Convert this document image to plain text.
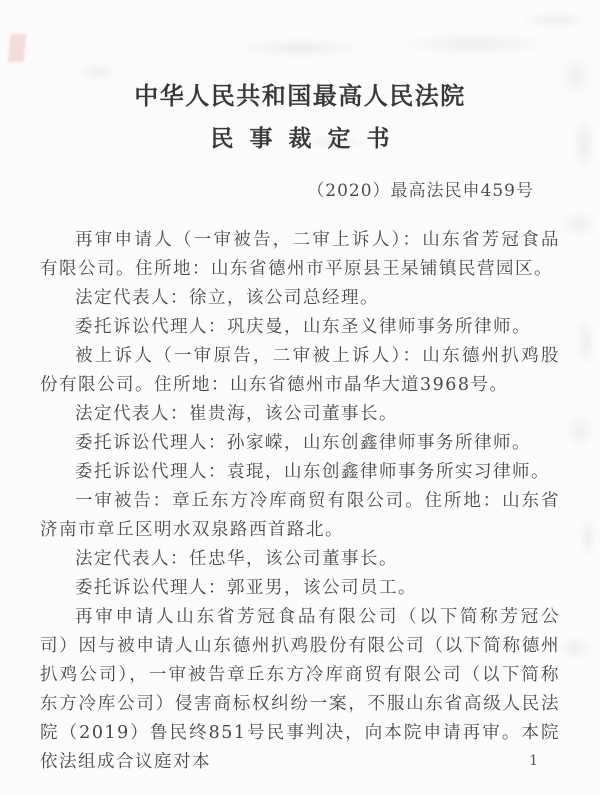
中华人民共和国最高人民法院
民事裁定书
（2020）最高法民申459号

再审申请人（一审被告，二审上诉人）：山东省芳冠食品有限公司。住所地：山东省德州市平原县王杲铺镇民营园区。

法定代表人：徐立，该公司总经理。

委托诉讼代理人：巩庆曼，山东圣义律师事务所律师。

被上诉人（一审原告，二审被上诉人）：山东德州扒鸡股份有限公司。住所地：山东省德州市晶华大道3968号。

法定代表人：崔贵海，该公司董事长。

委托诉讼代理人：孙家嵘，山东创鑫律师事务所律师。

委托诉讼代理人：袁琨，山东创鑫律师事务所实习律师。

一审被告：章丘东方冷库商贸有限公司。住所地：山东省济南市章丘区明水双泉路西首路北。

法定代表人：任忠华，该公司董事长。

委托诉讼代理人：郭亚男，该公司员工。

再审申请人山东省芳冠食品有限公司（以下简称芳冠公司）因与被申请人山东德州扒鸡股份有限公司（以下简称德州扒鸡公司），一审被告章丘东方冷库商贸有限公司（以下简称东方冷库公司）侵害商标权纠纷一案，不服山东省高级人民法院（2019）鲁民终851号民事判决，向本院申请再审。本院依法组成合议庭对本	1
